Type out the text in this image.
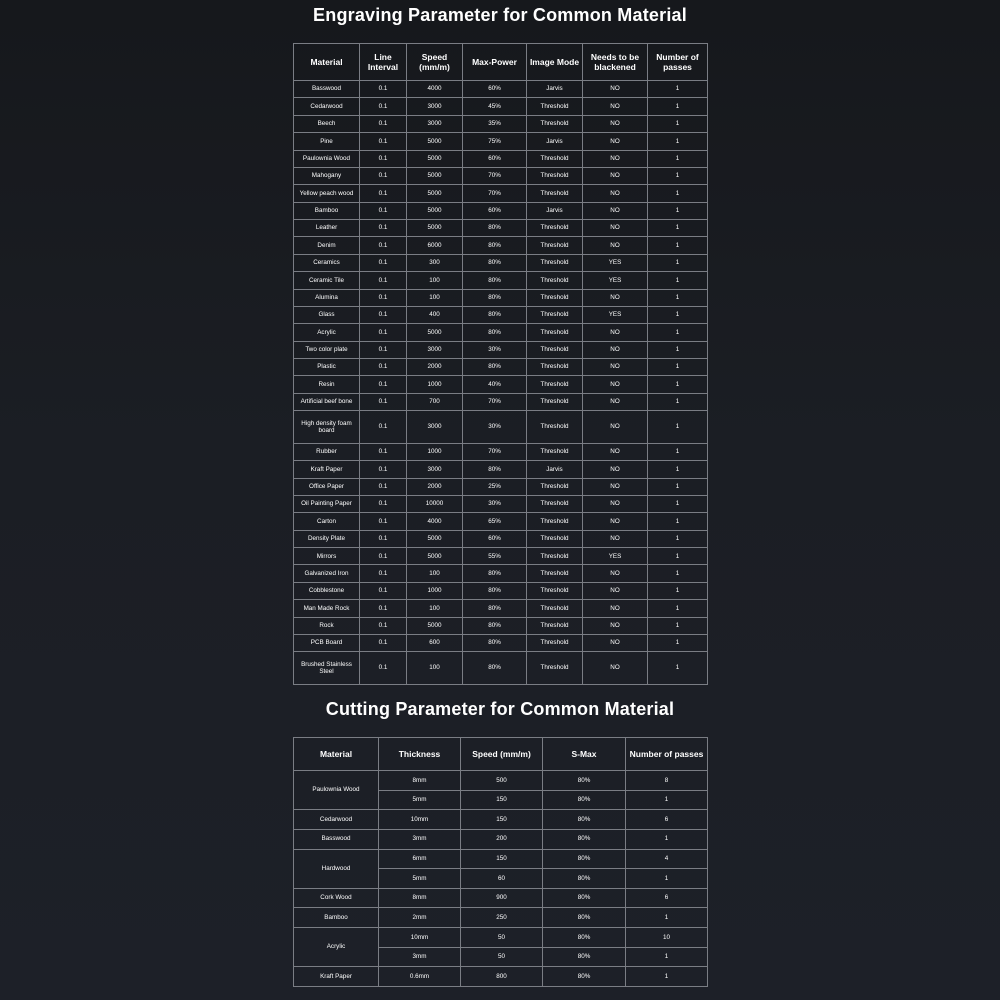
Engraving Parameter for Common Material
Material	Line Interval	Speed (mm/m)	Max-Power	Image Mode	Needs to be blackened	Number of passes
Basswood	0.1	4000	60%	Jarvis	NO	1
Cedarwood	0.1	3000	45%	Threshold	NO	1
Beech	0.1	3000	35%	Threshold	NO	1
Pine	0.1	5000	75%	Jarvis	NO	1
Paulownia Wood	0.1	5000	60%	Threshold	NO	1
Mahogany	0.1	5000	70%	Threshold	NO	1
Yellow peach wood	0.1	5000	70%	Threshold	NO	1
Bamboo	0.1	5000	60%	Jarvis	NO	1
Leather	0.1	5000	80%	Threshold	NO	1
Denim	0.1	6000	80%	Threshold	NO	1
Ceramics	0.1	300	80%	Threshold	YES	1
Ceramic Tile	0.1	100	80%	Threshold	YES	1
Alumina	0.1	100	80%	Threshold	NO	1
Glass	0.1	400	80%	Threshold	YES	1
Acrylic	0.1	5000	80%	Threshold	NO	1
Two color plate	0.1	3000	30%	Threshold	NO	1
Plastic	0.1	2000	80%	Threshold	NO	1
Resin	0.1	1000	40%	Threshold	NO	1
Artificial beef bone	0.1	700	70%	Threshold	NO	1
High density foam board	0.1	3000	30%	Threshold	NO	1
Rubber	0.1	1000	70%	Threshold	NO	1
Kraft Paper	0.1	3000	80%	Jarvis	NO	1
Office Paper	0.1	2000	25%	Threshold	NO	1
Oil Painting Paper	0.1	10000	30%	Threshold	NO	1
Carton	0.1	4000	65%	Threshold	NO	1
Density Plate	0.1	5000	60%	Threshold	NO	1
Mirrors	0.1	5000	55%	Threshold	YES	1
Galvanized Iron	0.1	100	80%	Threshold	NO	1
Cobblestone	0.1	1000	80%	Threshold	NO	1
Man Made Rock	0.1	100	80%	Threshold	NO	1
Rock	0.1	5000	80%	Threshold	NO	1
PCB Board	0.1	600	80%	Threshold	NO	1
Brushed Stainless Steel	0.1	100	80%	Threshold	NO	1
Cutting Parameter for Common Material
Material	Thickness	Speed (mm/m)	S-Max	Number of passes
Paulownia Wood	8mm	500	80%	8
	5mm	150	80%	1
Cedarwood	10mm	150	80%	6
Basswood	3mm	200	80%	1
Hardwood	6mm	150	80%	4
	5mm	60	80%	1
Cork Wood	8mm	900	80%	6
Bamboo	2mm	250	80%	1
Acrylic	10mm	50	80%	10
	3mm	50	80%	1
Kraft Paper	0.6mm	800	80%	1
